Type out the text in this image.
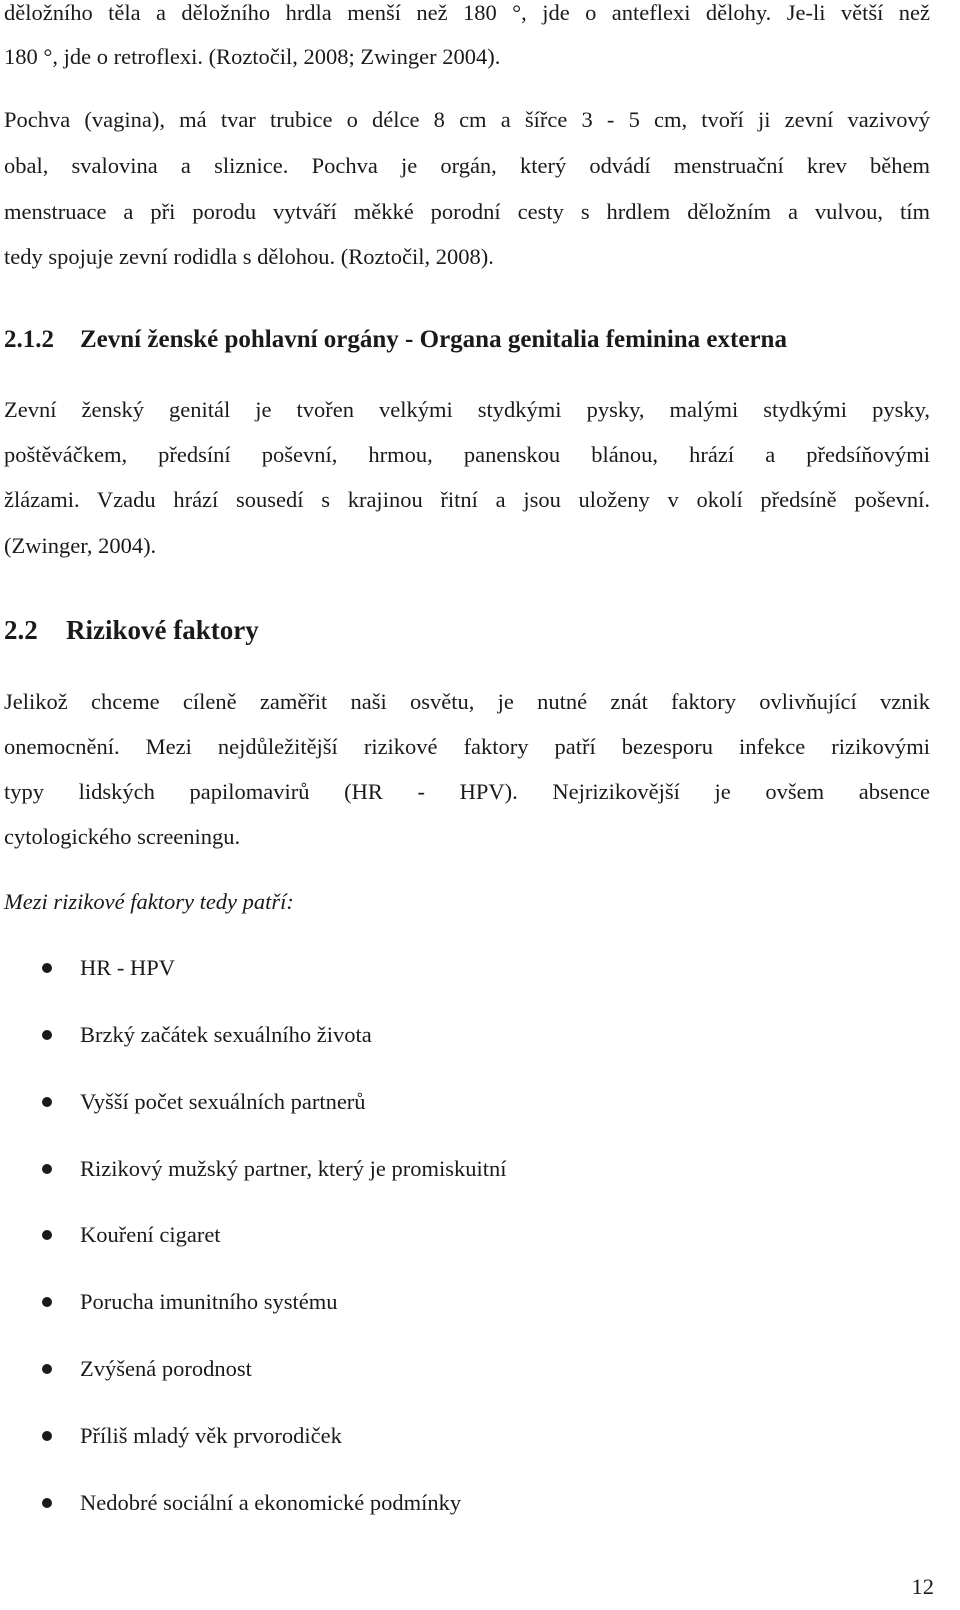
děložního těla a děložního hrdla menší než 180 °, jde o anteflexi dělohy. Je-li větší než
180 °, jde o retroflexi. (Roztočil, 2008; Zwinger 2004).
Pochva (vagina), má tvar trubice o délce 8 cm a šířce 3 - 5 cm, tvoří ji zevní vazivový
obal, svalovina a sliznice. Pochva je orgán, který odvádí menstruační krev během
menstruace a při porodu vytváří měkké porodní cesty s hrdlem děložním a vulvou, tím
tedy spojuje zevní rodidla s dělohou. (Roztočil, 2008).
2.1.2 Zevní ženské pohlavní orgány - Organa genitalia feminina externa
Zevní ženský genitál je tvořen velkými stydkými pysky, malými stydkými pysky,
poštěváčkem, předsíní poševní, hrmou, panenskou blánou, hrází a předsíňovými
žlázami. Vzadu hrází sousedí s krajinou řitní a jsou uloženy v okolí předsíně poševní.
(Zwinger, 2004).
2.2 Rizikové faktory
Jelikož chceme cíleně zaměřit naši osvětu, je nutné znát faktory ovlivňující vznik
onemocnění. Mezi nejdůležitější rizikové faktory patří bezesporu infekce rizikovými
typy lidských papilomavirů (HR - HPV). Nejrizikovější je ovšem absence
cytologického screeningu.
Mezi rizikové faktory tedy patří:
HR - HPV
Brzký začátek sexuálního života
Vyšší počet sexuálních partnerů
Rizikový mužský partner, který je promiskuitní
Kouření cigaret
Porucha imunitního systému
Zvýšená porodnost
Příliš mladý věk prvorodiček
Nedobré sociální a ekonomické podmínky
12
